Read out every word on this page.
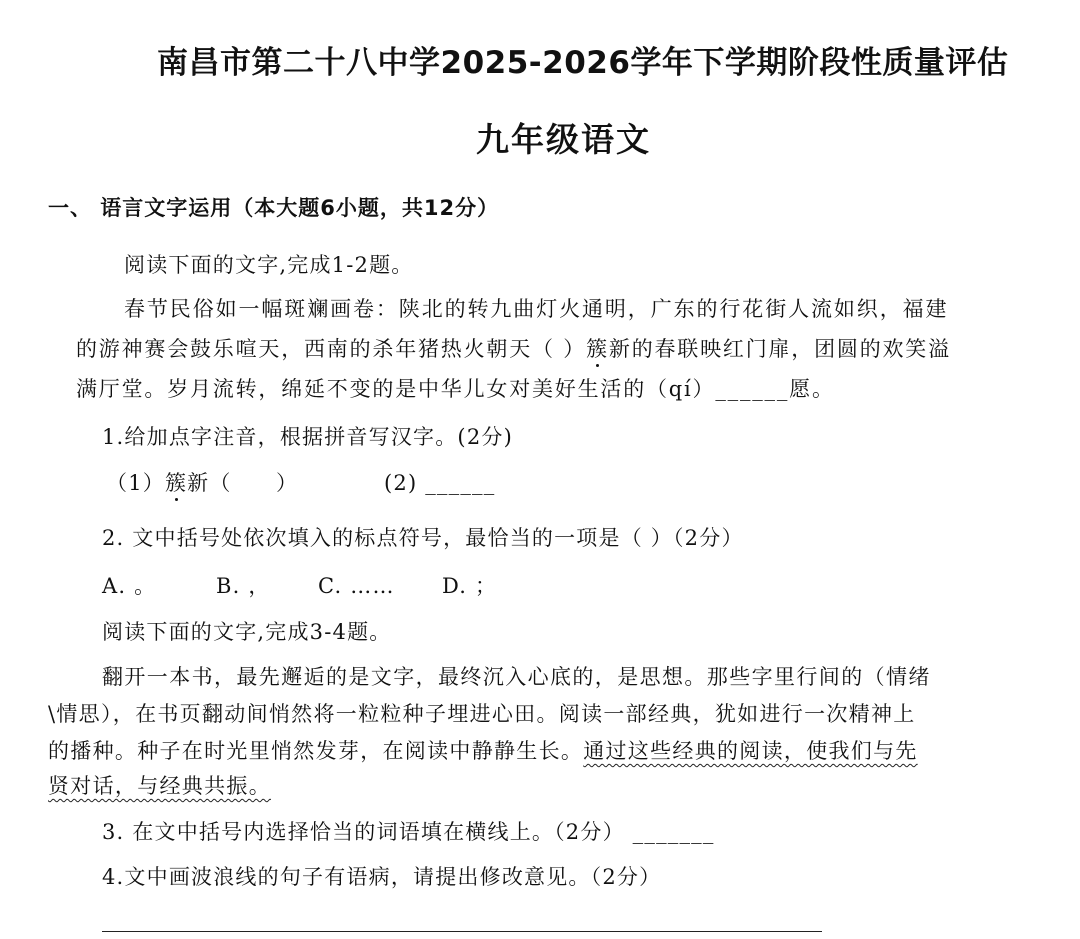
南昌市第二十八中学2025-2026学年下学期阶段性质量评估
九年级语文
一、 语言文字运用（本大题6小题，共12分）
阅读下面的文字,完成1-2题。
春节民俗如一幅斑斓画卷：陕北的转九曲灯火通明，广东的行花街人流如织，福建
的游神赛会鼓乐喧天，西南的杀年猪热火朝天（ ）簇新的春联映红门扉，团圆的欢笑溢
满厅堂。岁月流转，绵延不变的是中华儿女对美好生活的（qí）______愿。
1.给加点字注音，根据拼音写汉字。(2分)
（1）簇新（　　）	(2) ______
2. 文中括号处依次填入的标点符号，最恰当的一项是（ ）（2分）
A. 。	B. ， C. …… D. ；
阅读下面的文字,完成3-4题。
翻开一本书，最先邂逅的是文字，最终沉入心底的，是思想。那些字里行间的（情绪
\情思），在书页翻动间悄然将一粒粒种子埋进心田。阅读一部经典，犹如进行一次精神上
的播种。种子在时光里悄然发芽，在阅读中静静生长。通过这些经典的阅读，使我们与先
贤对话，与经典共振。
3. 在文中括号内选择恰当的词语填在横线上。（2分） _______
4.文中画波浪线的句子有语病，请提出修改意见。（2分）
